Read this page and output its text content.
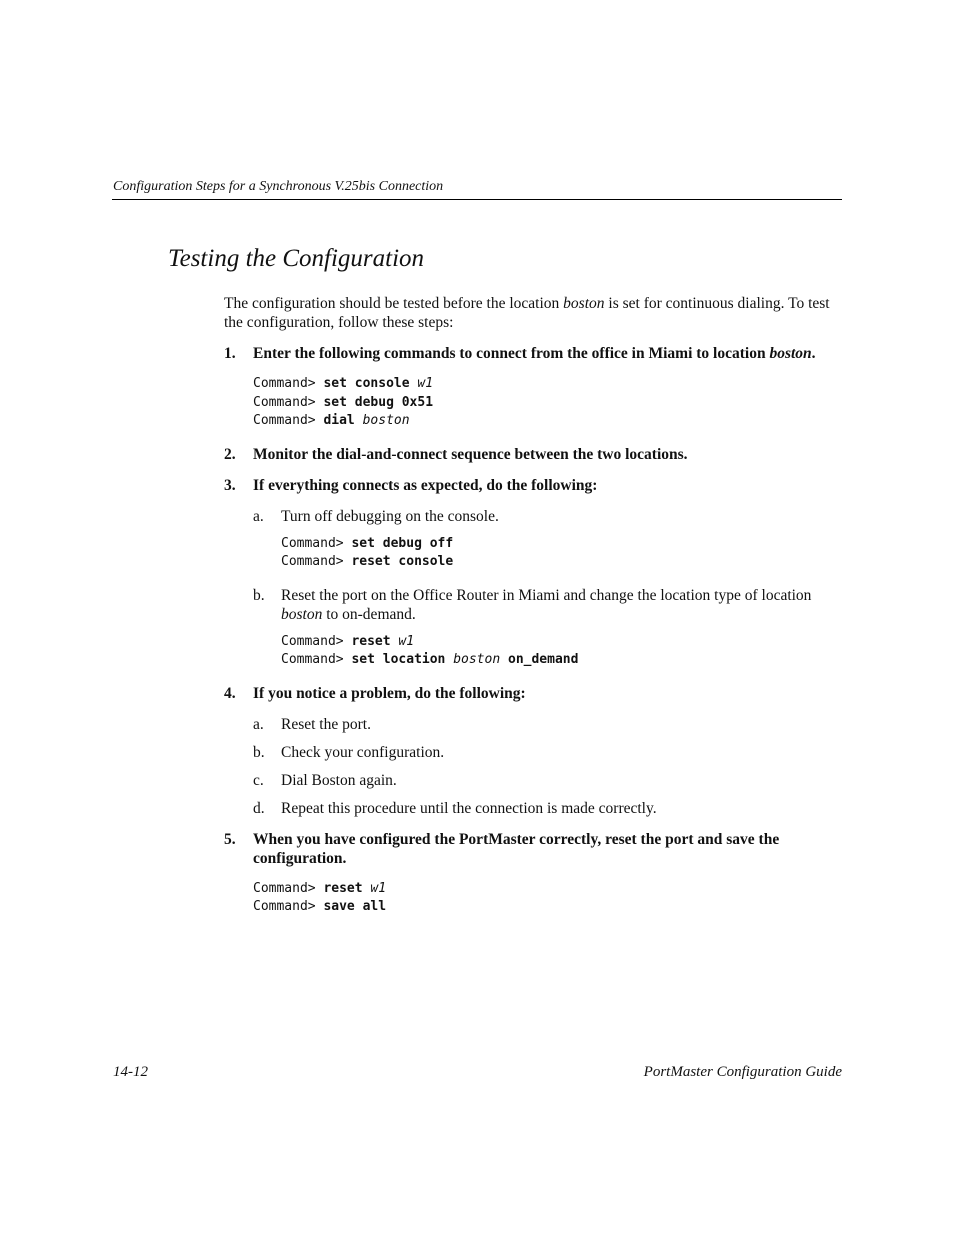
Configuration Steps for a Synchronous V.25bis Connection
Testing the Configuration

The configuration should be tested before the location boston is set for continuous dialing. To test the configuration, follow these steps:

1. Enter the following commands to connect from the office in Miami to location boston.
Command> set console w1
Command> set debug 0x51
Command> dial boston
2. Monitor the dial-and-connect sequence between the two locations.
3. If everything connects as expected, do the following:
a. Turn off debugging on the console.
Command> set debug off
Command> reset console
b. Reset the port on the Office Router in Miami and change the location type of location boston to on-demand.
Command> reset w1
Command> set location boston on_demand
4. If you notice a problem, do the following:
a. Reset the port.
b. Check your configuration.
c. Dial Boston again.
d. Repeat this procedure until the connection is made correctly.
5. When you have configured the PortMaster correctly, reset the port and save the configuration.
Command> reset w1
Command> save all
14-12	PortMaster Configuration Guide
